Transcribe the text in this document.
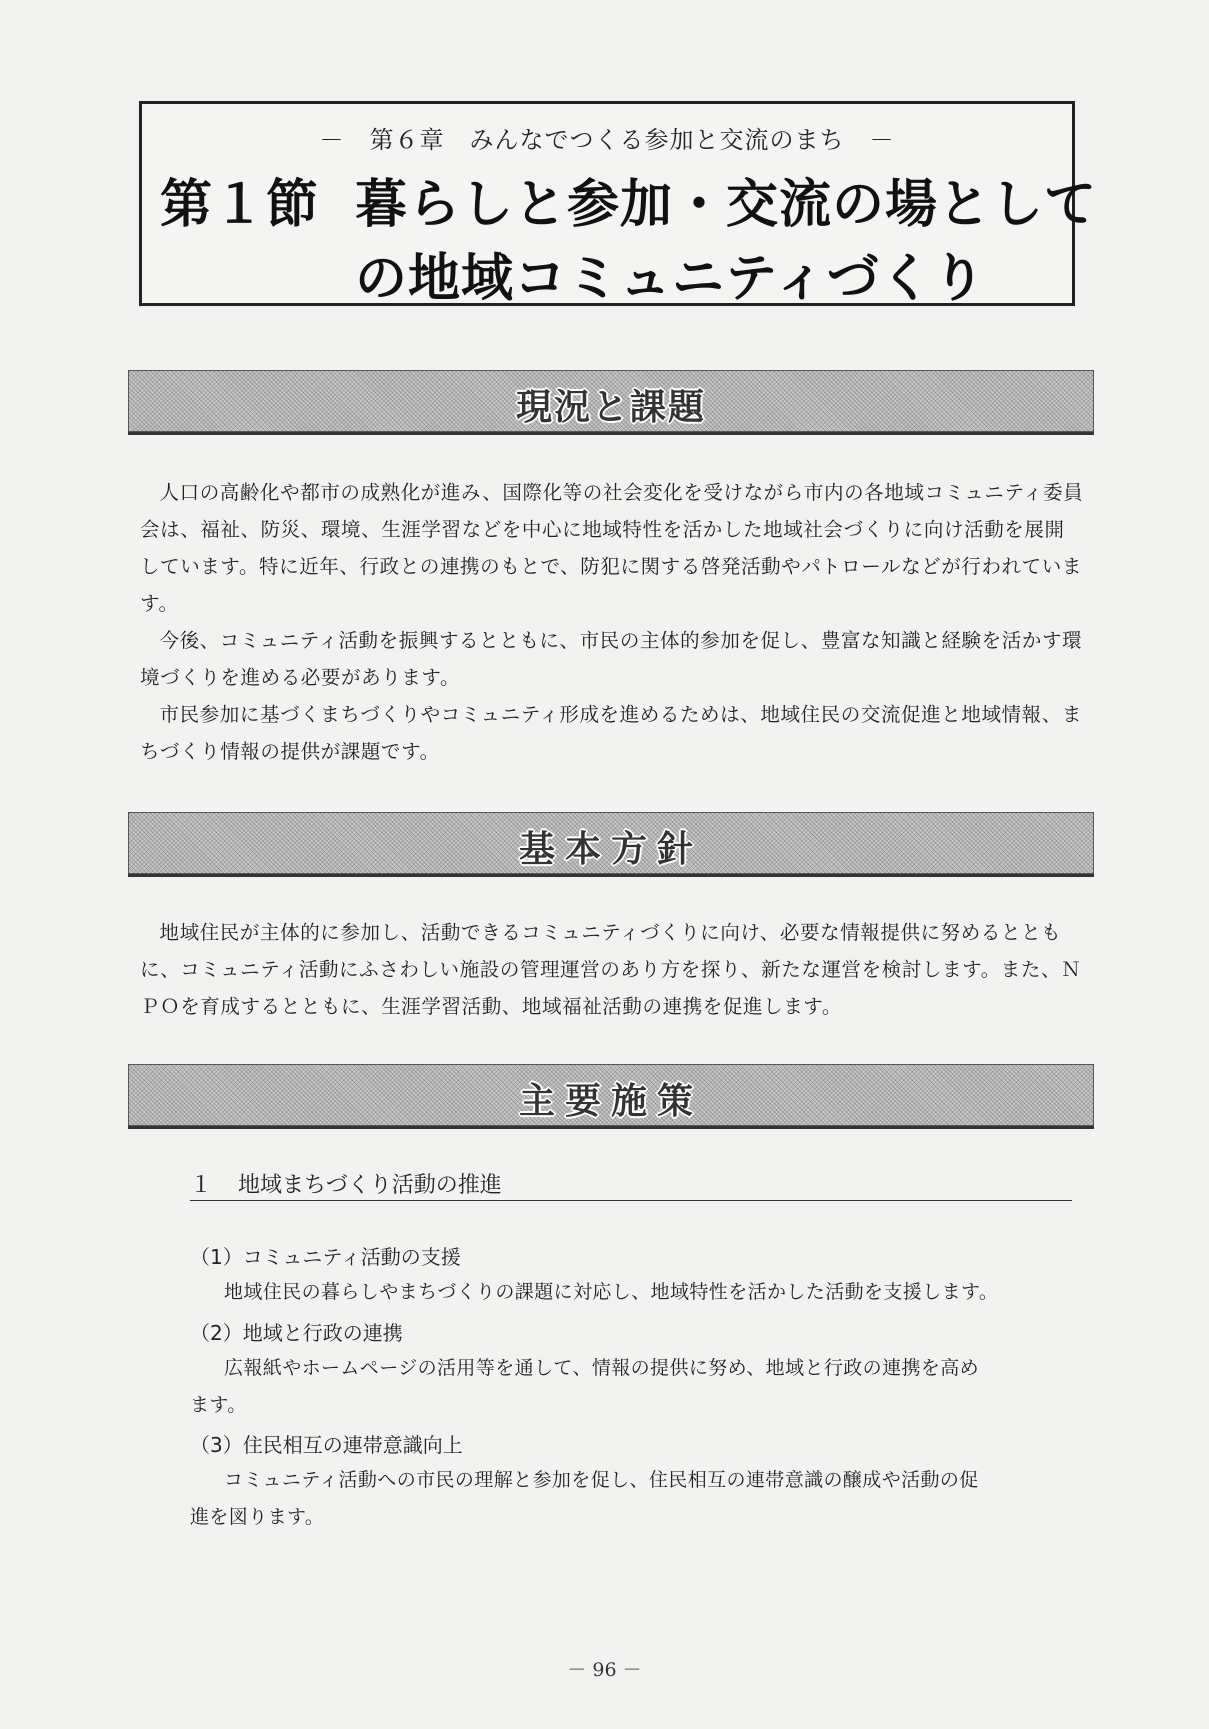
－　第６章　みんなでつくる参加と交流のまち　－
第１節 暮らしと参加・交流の場として
の地域コミュニティづくり
現況と課題

人口の高齢化や都市の成熟化が進み、国際化等の社会変化を受けながら市内の各地域コミュニティ委員会は、福祉、防災、環境、生涯学習などを中心に地域特性を活かした地域社会づくりに向け活動を展開しています。特に近年、行政との連携のもとで、防犯に関する啓発活動やパトロールなどが行われています。

今後、コミュニティ活動を振興するとともに、市民の主体的参加を促し、豊富な知識と経験を活かす環境づくりを進める必要があります。

市民参加に基づくまちづくりやコミュニティ形成を進めるためは、地域住民の交流促進と地域情報、まちづくり情報の提供が課題です。

基本方針

地域住民が主体的に参加し、活動できるコミュニティづくりに向け、必要な情報提供に努めるとともに、コミュニティ活動にふさわしい施設の管理運営のあり方を探り、新たな運営を検討します。また、ＮＰＯを育成するとともに、生涯学習活動、地域福祉活動の連携を促進します。

主要施策
１ 地域まちづくり活動の推進
（1）コミュニティ活動の支援
地域住民の暮らしやまちづくりの課題に対応し、地域特性を活かした活動を支援します。
（2）地域と行政の連携
広報紙やホームページの活用等を通して、情報の提供に努め、地域と行政の連携を高め
ます。
（3）住民相互の連帯意識向上
コミュニティ活動への市民の理解と参加を促し、住民相互の連帯意識の醸成や活動の促
進を図ります。
－ 96 －
